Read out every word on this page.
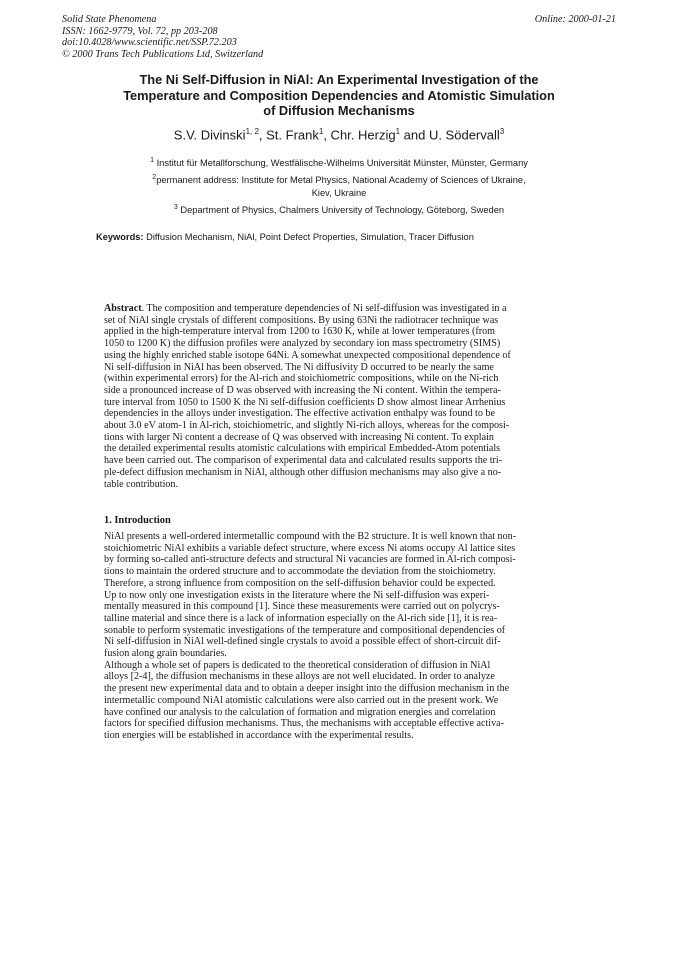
Solid State Phenomena
ISSN: 1662-9779, Vol. 72, pp 203-208
doi:10.4028/www.scientific.net/SSP.72.203
© 2000 Trans Tech Publications Ltd, Switzerland
Online: 2000-01-21
The Ni Self-Diffusion in NiAl: An Experimental Investigation of the
Temperature and Composition Dependencies and Atomistic Simulation
of Diffusion Mechanisms
S.V. Divinski$^{1, 2}$, St. Frank$^1$, Chr. Herzig$^1$ and U. Södervall$^3$
$^1$ Institut für Metallforschung, Westfälische-Wilhelms Universität Münster, Münster, Germany
$^2$permanent address: Institute for Metal Physics, National Academy of Sciences of Ukraine,
Kiev, Ukraine
$^3$ Department of Physics, Chalmers University of Technology, Göteborg, Sweden
Keywords: Diffusion Mechanism, NiAl, Point Defect Properties, Simulation, Tracer Diffusion
Abstract. The composition and temperature dependencies of Ni self-diffusion was investigated in a
set of NiAl single crystals of different compositions. By using 63Ni the radiotracer technique was
applied in the high-temperature interval from 1200 to 1630 K, while at lower temperatures (from
1050 to 1200 K) the diffusion profiles were analyzed by secondary ion mass spectrometry (SIMS)
using the highly enriched stable isotope 64Ni. A somewhat unexpected compositional dependence of
Ni self-diffusion in NiAl has been observed. The Ni diffusivity D occurred to be nearly the same
(within experimental errors) for the Al-rich and stoichiometric compositions, while on the Ni-rich
side a pronounced increase of D was observed with increasing the Ni content. Within the tempera-
ture interval from 1050 to 1500 K the Ni self-diffusion coefficients D show almost linear Arrhenius
dependencies in the alloys under investigation. The effective activation enthalpy was found to be
about 3.0 eV atom-1 in Al-rich, stoichiometric, and slightly Ni-rich alloys, whereas for the composi-
tions with larger Ni content a decrease of Q was observed with increasing Ni content. To explain
the detailed experimental results atomistic calculations with empirical Embedded-Atom potentials
have been carried out. The comparison of experimental data and calculated results supports the tri-
ple-defect diffusion mechanism in NiAl, although other diffusion mechanisms may also give a no-
table contribution.
1. Introduction
NiAl presents a well-ordered intermetallic compound with the B2 structure. It is well known that non-
stoichiometric NiAl exhibits a variable defect structure, where excess Ni atoms occupy Al lattice sites
by forming so-called anti-structure defects and structural Ni vacancies are formed in Al-rich composi-
tions to maintain the ordered structure and to accommodate the deviation from the stoichiometry.
Therefore, a strong influence from composition on the self-diffusion behavior could be expected.
Up to now only one investigation exists in the literature where the Ni self-diffusion was experi-
mentally measured in this compound [1]. Since these measurements were carried out on polycrys-
talline material and since there is a lack of information especially on the Al-rich side [1], it is rea-
sonable to perform systematic investigations of the temperature and compositional dependencies of
Ni self-diffusion in NiAl well-defined single crystals to avoid a possible effect of short-circuit dif-
fusion along grain boundaries.
Although a whole set of papers is dedicated to the theoretical consideration of diffusion in NiAl
alloys [2-4], the diffusion mechanisms in these alloys are not well elucidated. In order to analyze
the present new experimental data and to obtain a deeper insight into the diffusion mechanism in the
intermetallic compound NiAl atomistic calculations were also carried out in the present work. We
have confined our analysis to the calculation of formation and migration energies and correlation
factors for specified diffusion mechanisms. Thus, the mechanisms with acceptable effective activa-
tion energies will be established in accordance with the experimental results.
